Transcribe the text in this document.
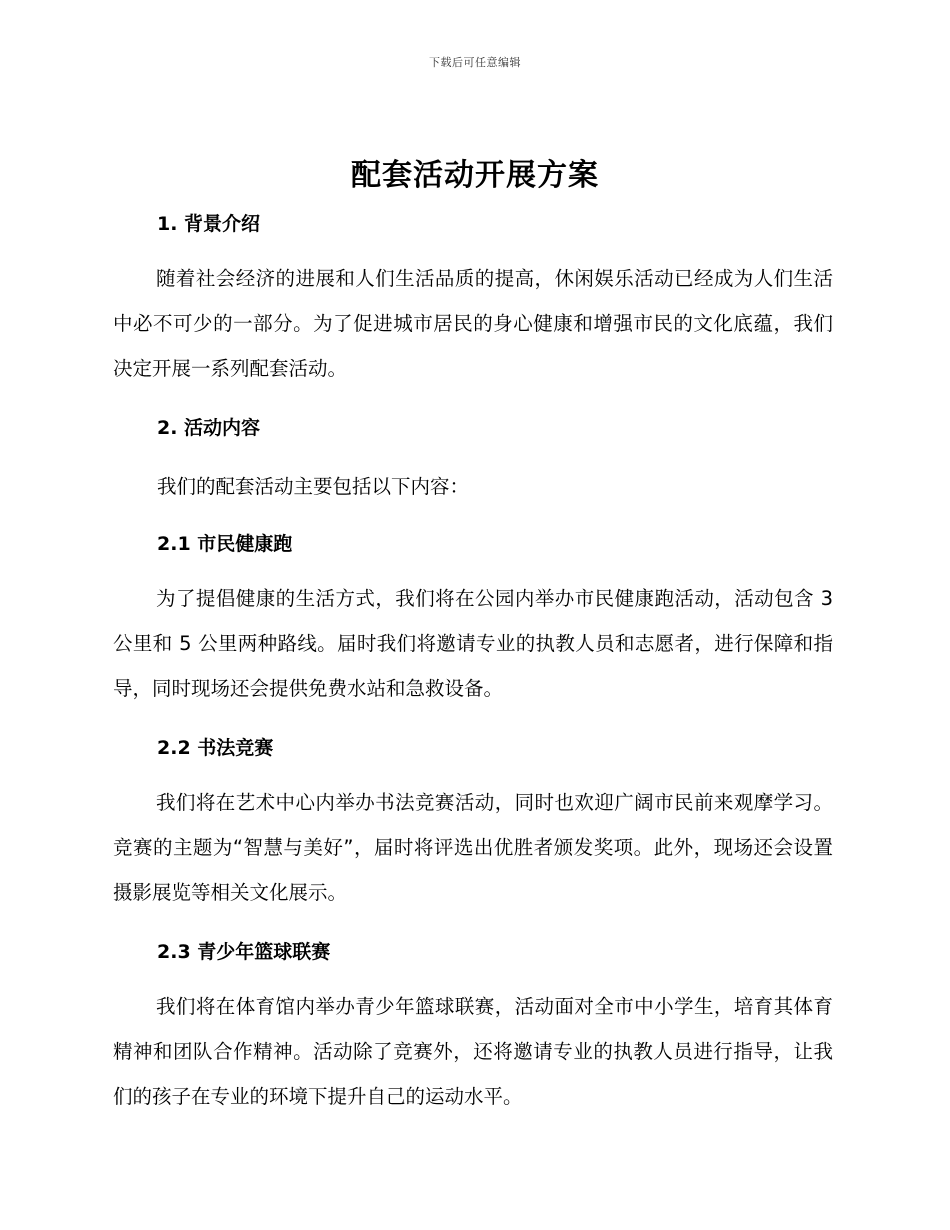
下载后可任意编辑
配套活动开展方案
1. 背景介绍
随着社会经济的进展和人们生活品质的提高，休闲娱乐活动已经成为人们生活中必不可少的一部分。为了促进城市居民的身心健康和增强市民的文化底蕴，我们决定开展一系列配套活动。
2. 活动内容
我们的配套活动主要包括以下内容：
2.1 市民健康跑
为了提倡健康的生活方式，我们将在公园内举办市民健康跑活动，活动包含 3 公里和 5 公里两种路线。届时我们将邀请专业的执教人员和志愿者，进行保障和指导，同时现场还会提供免费水站和急救设备。
2.2 书法竞赛
我们将在艺术中心内举办书法竞赛活动，同时也欢迎广阔市民前来观摩学习。竞赛的主题为“智慧与美好”，届时将评选出优胜者颁发奖项。此外，现场还会设置摄影展览等相关文化展示。
2.3 青少年篮球联赛
我们将在体育馆内举办青少年篮球联赛，活动面对全市中小学生，培育其体育精神和团队合作精神。活动除了竞赛外，还将邀请专业的执教人员进行指导，让我们的孩子在专业的环境下提升自己的运动水平。
